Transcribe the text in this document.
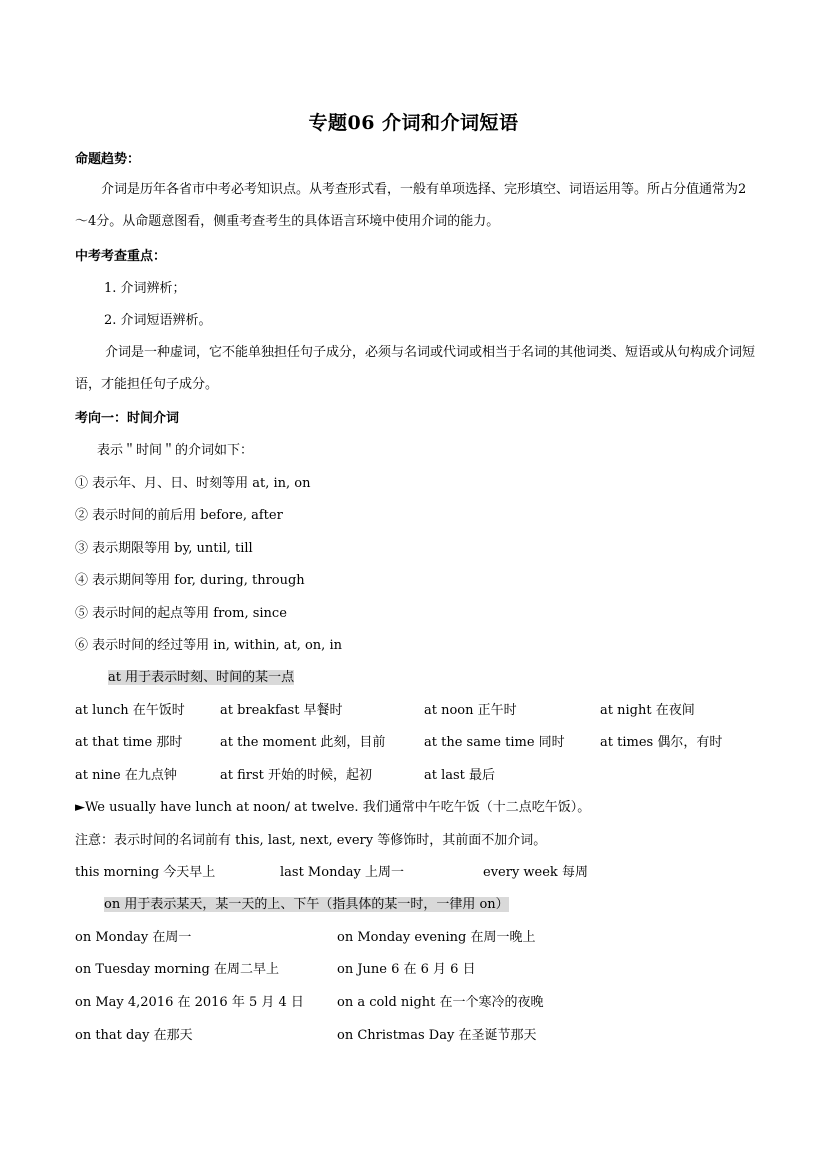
专题06 介词和介词短语
命题趋势：
介词是历年各省市中考必考知识点。从考查形式看，一般有单项选择、完形填空、词语运用等。所占分值通常为2～4分。从命题意图看，侧重考查考生的具体语言环境中使用介词的能力。
中考考查重点：
1. 介词辨析；
2. 介词短语辨析。
介词是一种虚词，它不能单独担任句子成分，必须与名词或代词或相当于名词的其他词类、短语或从句构成介词短语，才能担任句子成分。
考向一：时间介词
表示＂时间＂的介词如下：
① 表示年、月、日、时刻等用 at, in, on
② 表示时间的前后用 before, after
③ 表示期限等用 by, until, till
④ 表示期间等用 for, during, through
⑤ 表示时间的起点等用 from, since
⑥ 表示时间的经过等用 in, within, at, on, in
at 用于表示时刻、时间的某一点
at lunch 在午饭时	at breakfast 早餐时	at noon 正午时	at night 在夜间
at that time 那时	at the moment 此刻，目前	at the same time 同时	at times 偶尔，有时
at nine 在九点钟	at first 开始的时候，起初	at last 最后
►We usually have lunch at noon/ at twelve. 我们通常中午吃午饭（十二点吃午饭）。
注意：表示时间的名词前有 this, last, next, every 等修饰时，其前面不加介词。
this morning 今天早上	last Monday 上周一	every week 每周
on 用于表示某天，某一天的上、下午（指具体的某一时，一律用 on）
on Monday 在周一	on Monday evening 在周一晚上
on Tuesday morning 在周二早上	on June 6 在 6 月 6 日
on May 4,2016 在 2016 年 5 月 4 日	on a cold night 在一个寒冷的夜晚
on that day 在那天	on Christmas Day 在圣诞节那天
